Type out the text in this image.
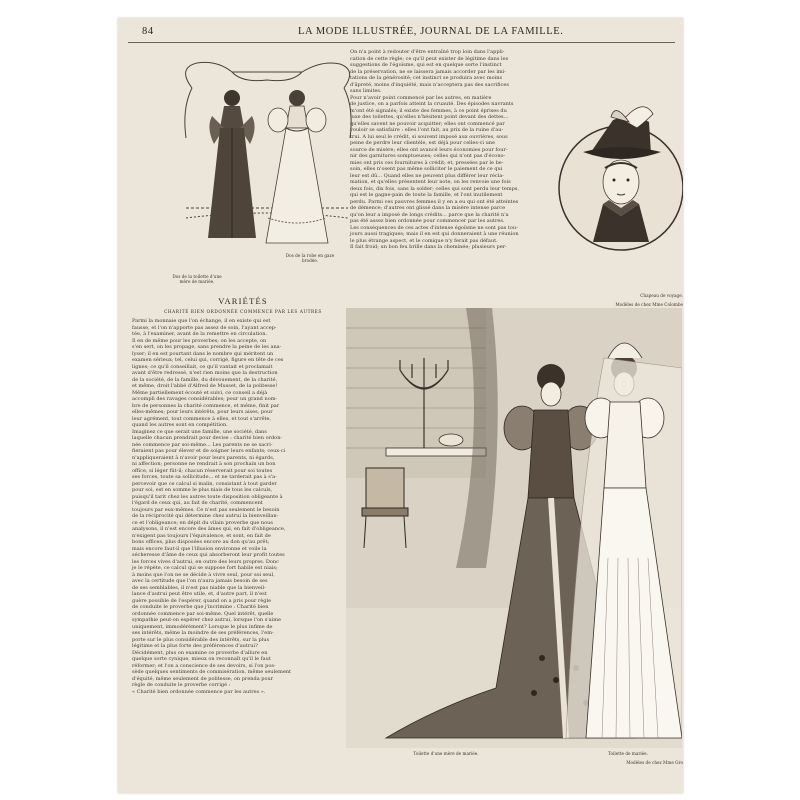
84	LA MODE ILLUSTRÉE, JOURNAL DE LA FAMILLE.
Dos de la toilette d'une mère de mariée.
Dos de la robe en gaze brodée.
VARIÉTÉS
CHARITÉ BIEN ORDONNÉE COMMENCE PAR LES AUTRES
Parmi la monnaie que l'on échange, il en existe qui est
fausse, et l'on n'apporte pas assez de soin, l'ayant accep-
tée, à l'examiner, avant de la remettre en circulation.
Il en de même pour les proverbes; on les accepte, on
s'en sert, on les propage, sans prendre la peine de les ana-
lyser; il en est pourtant dans le nombre qui méritent un
examen sérieux; tel, celui qui, corrigé, figure en tête de ces
lignes; ce qu'il conseillait, ce qu'il vantait et proclamait
avant d'être redressé, n'est rien moins que la destruction
de la société, de la famille, du dévouement, de la charité,
et même, droit l'abbé d'Alfred de Musset, de la politesse!
Même partiellement écouté et suivi, ce conseil a déjà
accompli des ravages considérables; pour un grand nom-
bre de personnes la charité commence, et même, finit par
elles-mêmes; pour leurs intérêts, pour leurs aises, pour
leur agrément, tout commence à elles, et tout s'arrête,
quand les autres sont en compétition.
Imaginez ce que serait une famille, une société, dans
laquelle chacun prendrait pour devise : charité bien ordon-
née commence par soi-même... Les parents ne se sacri-
fieraient pas pour élever et de soigner leurs enfants; ceux-ci
n'appliqueraient à n'avoir pour leurs parents, ni égards,
ni affection; personne ne rendrait à son prochain un bon
office, si léger fût-il; chacun réserverait pour soi toutes
ses forces, toute sa sollicitude... et ne tarderait pas à s'a-
percevoir que ce calcul si malin, consistant à tout garder
pour soi, est en somme le plus niais de tous les calculs,
puisqu'il tarit chez les autres toute disposition obligeante à
l'égard de ceux qui, au fait de charité, commencent
toujours par eux-mêmes. Ce n'est pas seulement le besoin
de la réciprocité qui détermine chez autrui la bienveillan-
ce et l'obligeance; en dépit du vilain proverbe que nous
analysons, il n'est encore des âmes qui, en fait d'obligeance,
n'exigent pas toujours l'équivalence, et sont, en fait de
bons offices, plus disposées encore au don qu'au prêt;
mais encore faut-il que l'illusion environne et voile la
sécheresse d'âme de ceux qui absorberont leur profit toutes
les forces vives d'autrui, en outre des leurs propres. Donc
je le répète, ce calcul qui se suppose fort habile est niais;
à moins que l'on ne se décide à vivre seul, pour soi seul,
avec la certitude que l'on n'aura jamais besoin de ses
de ses semblables, il n'est pas niable que la bienveil-
lance d'autrui peut être utile, et, d'autre part, il n'est
guère possible de l'espérer, quand on a pris pour règle
de conduite le proverbe que j'incrimine : Charité bien
ordonnée commence par soi-même. Quel intérêt, quelle
sympathie peut-on espérer chez autrui, lorsque l'on s'aime
uniquement, immodérément? Lorsque le plus infime de
ses intérêts, même la moindre de ses préférences, l'em-
porte sur le plus considérable des intérêts, sur la plus
légitime et la plus forte des préférences d'autrui?
Décidément, plus on examine ce proverbe d'allure en
quelque sorte cynique, mieux on reconnaît qu'il le faut
réformer; et l'on a conscience de ses devoirs, si l'on pos-
sède quelques sentiments de commisération, même seulement
d'équité, même seulement de politesse, on prenda pour
règle de conduite le proverbe corrigé :
« Charité bien ordonnée commence par les autres ».
On n'a point à redouter d'être entraîné trop loin dans l'appli-
cation de cette règle; ce qu'il peut exister de légitime dans les
suggestions de l'égoïsme, qui est en quelque sorte l'instinct
de la préservation, ne se laissera jamais accorder par les imi-
tations de la générosité; cet instinct se produira avec moins
d'âpreté, moins d'inquiété, mais n'acceptera pas des sacrifices
sans limites.
Pour n'avoir point commencé par les autres, en matière
de justice, on a parfois atteint la cruauté. Des épisodes navrants
m'ont été signalés; il existe des femmes, à ce point éprises du
luxe des toilettes, qu'elles n'hésitent point devant des dettes...
qu'elles savent ne pouvoir acquitter; elles ont commencé par
vouloir se satisfaire : elles l'ont fait, au prix de la ruine d'au-
trui. A lui seul le crédit, si souvent imposé aux ouvrières, sous
peine de perdre leur clientèle, est déjà pour celles-ci une
source de misère; elles ont avancé leurs économies pour four-
nir des garnitures somptueuses; celles qui n'ont pas d'écono-
mies ont pris ces fournitures à crédit; et, pressées par le be-
soin, elles n'osent pas même solliciter le paiement de ce qui
leur est dû... Quand elles ne peuvent plus différer leur récla-
mation, et qu'elles présentent leur note, on les renvoie une fois
deux fois, dix fois, sans la solder; celles qui sont perdu leur temps,
qui est le gagne-pain de toute la famille, et l'ont inutilement
perdu. Parmi ces pauvres femmes il y en a eu qui ont été atteintes
de démence; d'autres ont glissé dans la misère intense parce
qu'on leur a imposé de longs crédits... parce que la charité n'a
pas été assez bien ordonnée pour commencer par les autres.
Les conséquences de ces actes d'intense égoïsme ne sont pas tou-
jours aussi tragiques; mais il en est qui donneraient à une réunion
le plus étrange aspect, et le comique n'y ferait pas défaut.
Il fait froid; un bon feu brille dans la cheminée; plusieurs per-
Chapeau de voyage.
Modèles de chez Mme Colombe
Toilette d'une mère de mariée.	Toilette de mariée.
Modèles de chez Mme Gro
